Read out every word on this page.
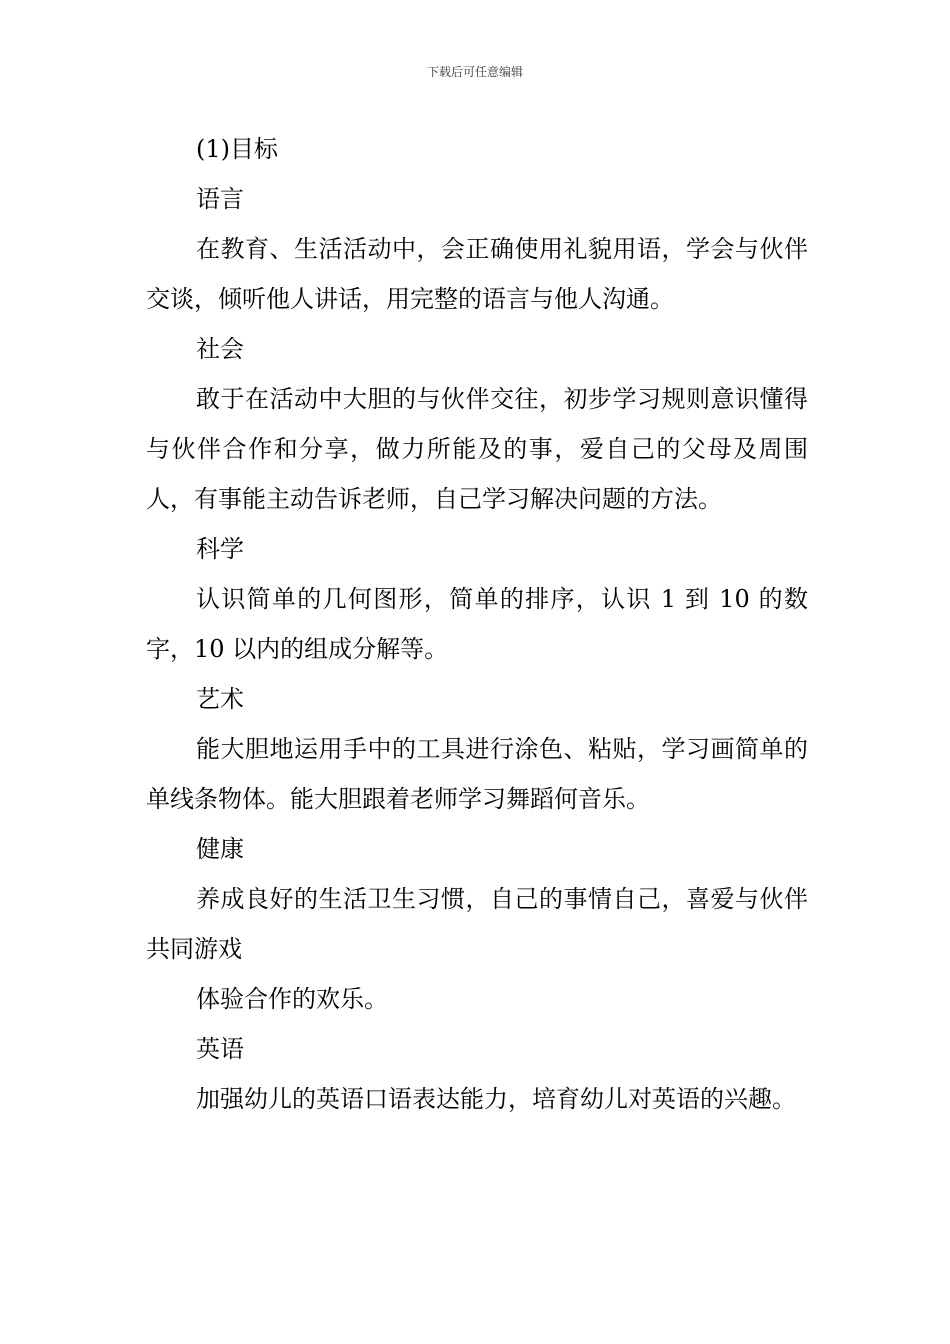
下载后可任意编辑

(1)目标

语言

在教育、生活活动中，会正确使用礼貌用语，学会与伙伴交谈，倾听他人讲话，用完整的语言与他人沟通。

社会

敢于在活动中大胆的与伙伴交往，初步学习规则意识懂得与伙伴合作和分享，做力所能及的事，爱自己的父母及周围人，有事能主动告诉老师，自己学习解决问题的方法。

科学

认识简单的几何图形，简单的排序，认识 1 到 10 的数字，10 以内的组成分解等。

艺术

能大胆地运用手中的工具进行涂色、粘贴，学习画简单的单线条物体。能大胆跟着老师学习舞蹈何音乐。

健康

养成良好的生活卫生习惯，自己的事情自己，喜爱与伙伴共同游戏

体验合作的欢乐。

英语

加强幼儿的英语口语表达能力，培育幼儿对英语的兴趣。
